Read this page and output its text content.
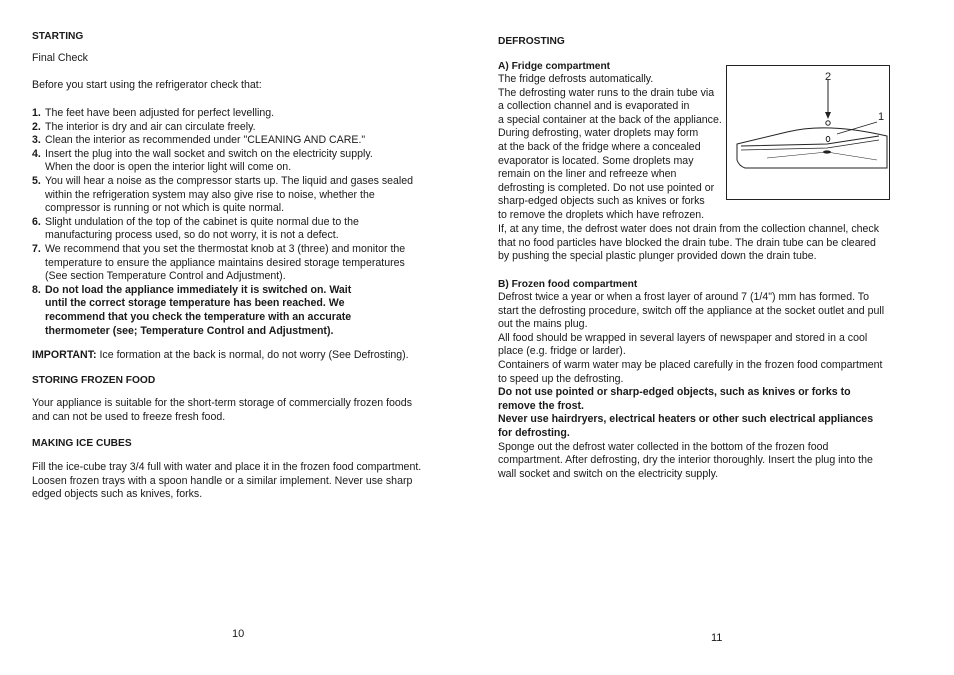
STARTING

Final Check

Before you start using the refrigerator check that:

1. The feet have been adjusted for perfect levelling.
2. The interior is dry and air can circulate freely.
3. Clean the interior as recommended under "CLEANING AND CARE."
4. Insert the plug into the wall socket and switch on the electricity supply. When the door is open the interior light will come on.
5. You will hear a noise as the compressor starts up. The liquid and gases sealed within the refrigeration system may also give rise to noise, whether the compressor is running or not which is quite normal.
6. Slight undulation of the top of the cabinet is quite normal due to the manufacturing process used, so do not worry, it is not a defect.
7. We recommend that you set the thermostat knob at 3 (three) and monitor the temperature to ensure the appliance maintains desired storage temperatures (See section Temperature Control and Adjustment).
8. Do not load the appliance immediately it is switched on. Wait until the correct storage temperature has been reached. We recommend that you check the temperature with an accurate thermometer (see; Temperature Control and Adjustment).

IMPORTANT: Ice formation at the back is normal, do not worry (See Defrosting).

STORING FROZEN FOOD

Your appliance is suitable for the short-term storage of commercially frozen foods and can not be used to freeze fresh food.

MAKING ICE CUBES

Fill the ice-cube tray 3/4 full with water and place it in the frozen food compartment. Loosen frozen trays with a spoon handle or a similar implement. Never use sharp edged objects such as knives, forks.

10

DEFROSTING

A) Fridge compartment

The fridge defrosts automatically.
The defrosting water runs to the drain tube via
a collection channel and is evaporated in
a special container at the back of the appliance.
During defrosting, water droplets may form
at the back of the fridge where a concealed
evaporator is located. Some droplets may
remain on the liner and refreeze when
defrosting is completed. Do not use pointed or
sharp-edged objects such as knives or forks
to remove the droplets which have refrozen.

If, at any time, the defrost water does not drain from the collection channel, check that no food particles have blocked the drain tube. The drain tube can be cleared by pushing the special plastic plunger provided down the drain tube.

B) Frozen food compartment

Defrost twice a year or when a frost layer of around 7 (1/4") mm has formed. To start the defrosting procedure, switch off the appliance at the socket outlet and pull out the mains plug.

All food should be wrapped in several layers of newspaper and stored in a cool place (e.g. fridge or larder).

Containers of warm water may be placed carefully in the frozen food compartment to speed up the defrosting.

Do not use pointed or sharp-edged objects, such as knives or forks to remove the frost.

Never use hairdryers, electrical heaters or other such electrical appliances for defrosting.

Sponge out the defrost water collected in the bottom of the frozen food compartment. After defrosting, dry the interior thoroughly. Insert the plug into the wall socket and switch on the electricity supply.

2
1
11
